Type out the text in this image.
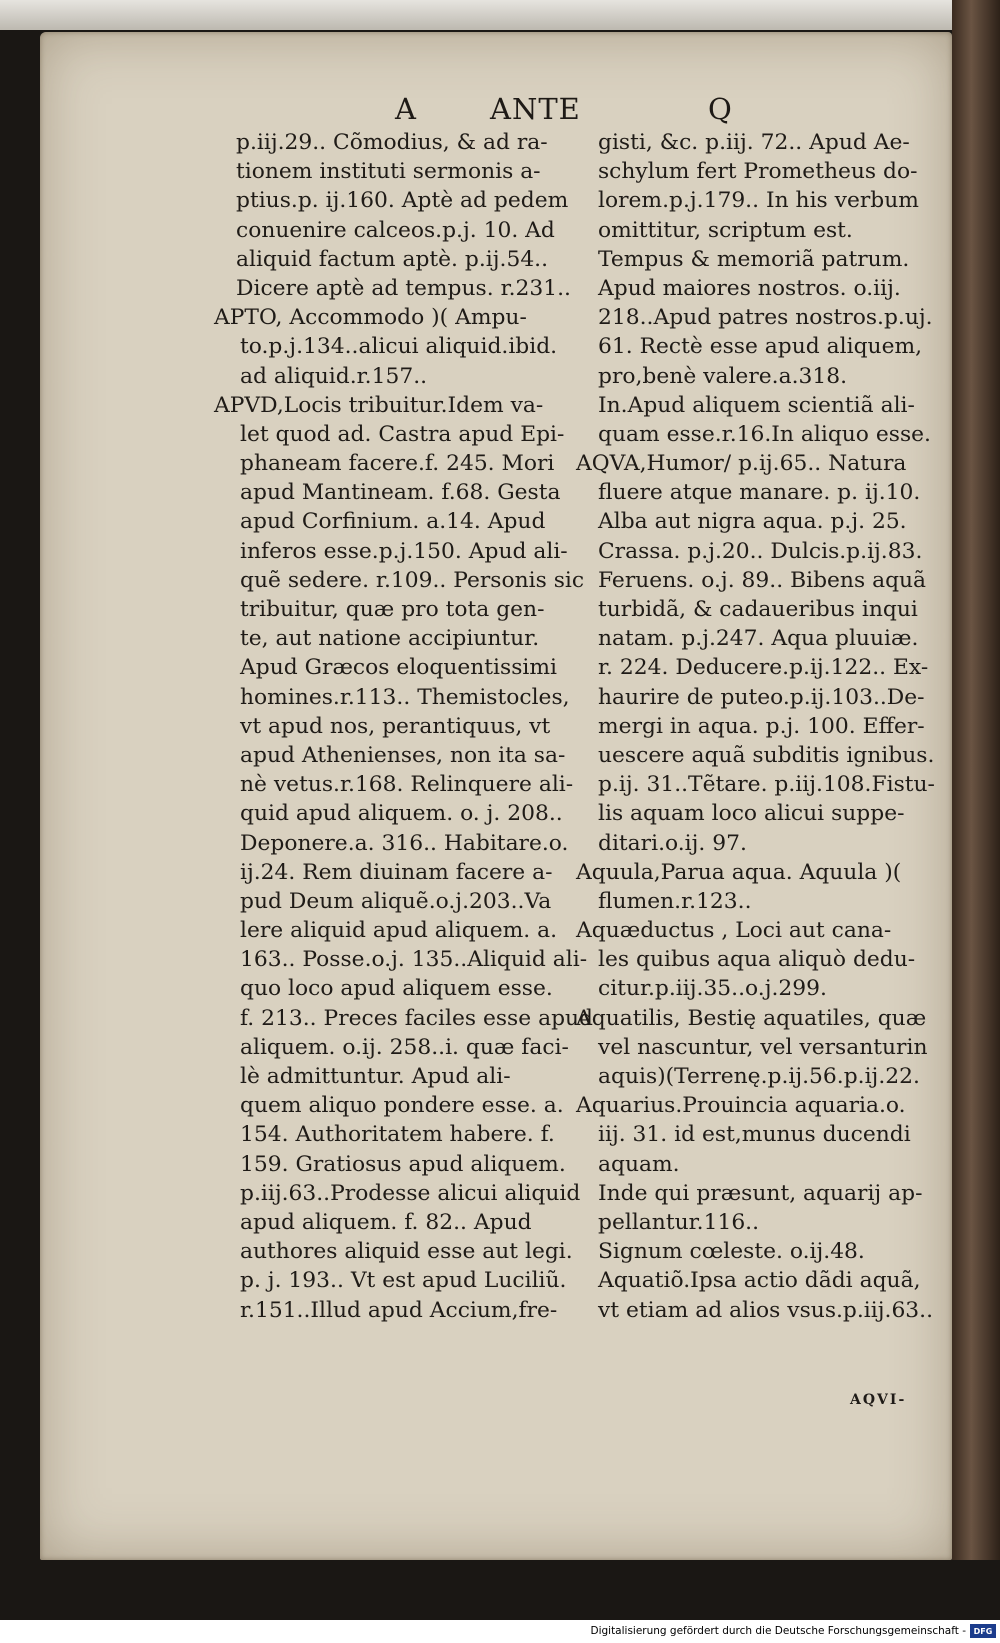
A	ANTE	Q
p.iij.29.. Cõmodius, & ad ra-
tionem instituti sermonis a-
ptius.p. ij.160. Aptè ad pedem
conuenire calceos.p.j. 10. Ad
aliquid factum aptè. p.ij.54..
Dicere aptè ad tempus. r.231..
APTO, Accommodo )( Ampu-
to.p.j.134..alicui aliquid.ibid.
ad aliquid.r.157..
APVD,Locis tribuitur.Idem va-
let quod ad. Castra apud Epi-
phaneam facere.f. 245. Mori
apud Mantineam. f.68. Gesta
apud Corfinium. a.14. Apud
inferos esse.p.j.150. Apud ali-
quẽ sedere. r.109.. Personis sic
tribuitur, quæ pro tota gen-
te, aut natione accipiuntur.
Apud Græcos eloquentissimi
homines.r.113.. Themistocles,
vt apud nos, perantiquus, vt
apud Athenienses, non ita sa-
nè vetus.r.168. Relinquere ali-
quid apud aliquem. o. j. 208..
Deponere.a. 316.. Habitare.o.
ij.24. Rem diuinam facere a-
pud Deum aliquẽ.o.j.203..Va
lere aliquid apud aliquem. a.
163.. Posse.o.j. 135..Aliquid ali-
quo loco apud aliquem esse.
f. 213.. Preces faciles esse apud
aliquem. o.ij. 258..i. quæ faci-
lè admittuntur. Apud ali-
quem aliquo pondere esse. a.
154. Authoritatem habere. f.
159. Gratiosus apud aliquem.
p.iij.63..Prodesse alicui aliquid
apud aliquem. f. 82.. Apud
authores aliquid esse aut legi.
p. j. 193.. Vt est apud Luciliũ.
r.151..Illud apud Accium,fre-
gisti, &c. p.iij. 72.. Apud Ae-
schylum fert Prometheus do-
lorem.p.j.179.. In his verbum
omittitur, scriptum est.
Tempus & memoriã patrum.
Apud maiores nostros. o.iij.
218..Apud patres nostros.p.uj.
61. Rectè esse apud aliquem,
pro,benè valere.a.318.
In.Apud aliquem scientiã ali-
quam esse.r.16.In aliquo esse.
AQVA,Humor/ p.ij.65.. Natura
fluere atque manare. p. ij.10.
Alba aut nigra aqua. p.j. 25.
Crassa. p.j.20.. Dulcis.p.ij.83.
Feruens. o.j. 89.. Bibens aquã
turbidã, & cadaueribus inqui
natam. p.j.247. Aqua pluuiæ.
r. 224. Deducere.p.ij.122.. Ex-
haurire de puteo.p.ij.103..De-
mergi in aqua. p.j. 100. Effer-
uescere aquã subditis ignibus.
p.ij. 31..Tẽtare. p.iij.108.Fistu-
lis aquam loco alicui suppe-
ditari.o.ij. 97.
Aquula,Parua aqua. Aquula )(
flumen.r.123..
Aquæductus , Loci aut cana-
les quibus aqua aliquò dedu-
citur.p.iij.35..o.j.299.
Aquatilis, Bestię aquatiles, quæ
vel nascuntur, vel versanturin
aquis)(Terrenę.p.ij.56.p.ij.22.
Aquarius.Prouincia aquaria.o.
iij. 31. id est,munus ducendi
aquam.
Inde qui præsunt, aquarij ap-
pellantur.116..
Signum cœleste. o.ij.48.
Aquatiõ.Ipsa actio dãdi aquã,
vt etiam ad alios vsus.p.iij.63..
AQVI-
Digitalisierung gefördert durch die Deutsche Forschungsgemeinschaft - DFG
